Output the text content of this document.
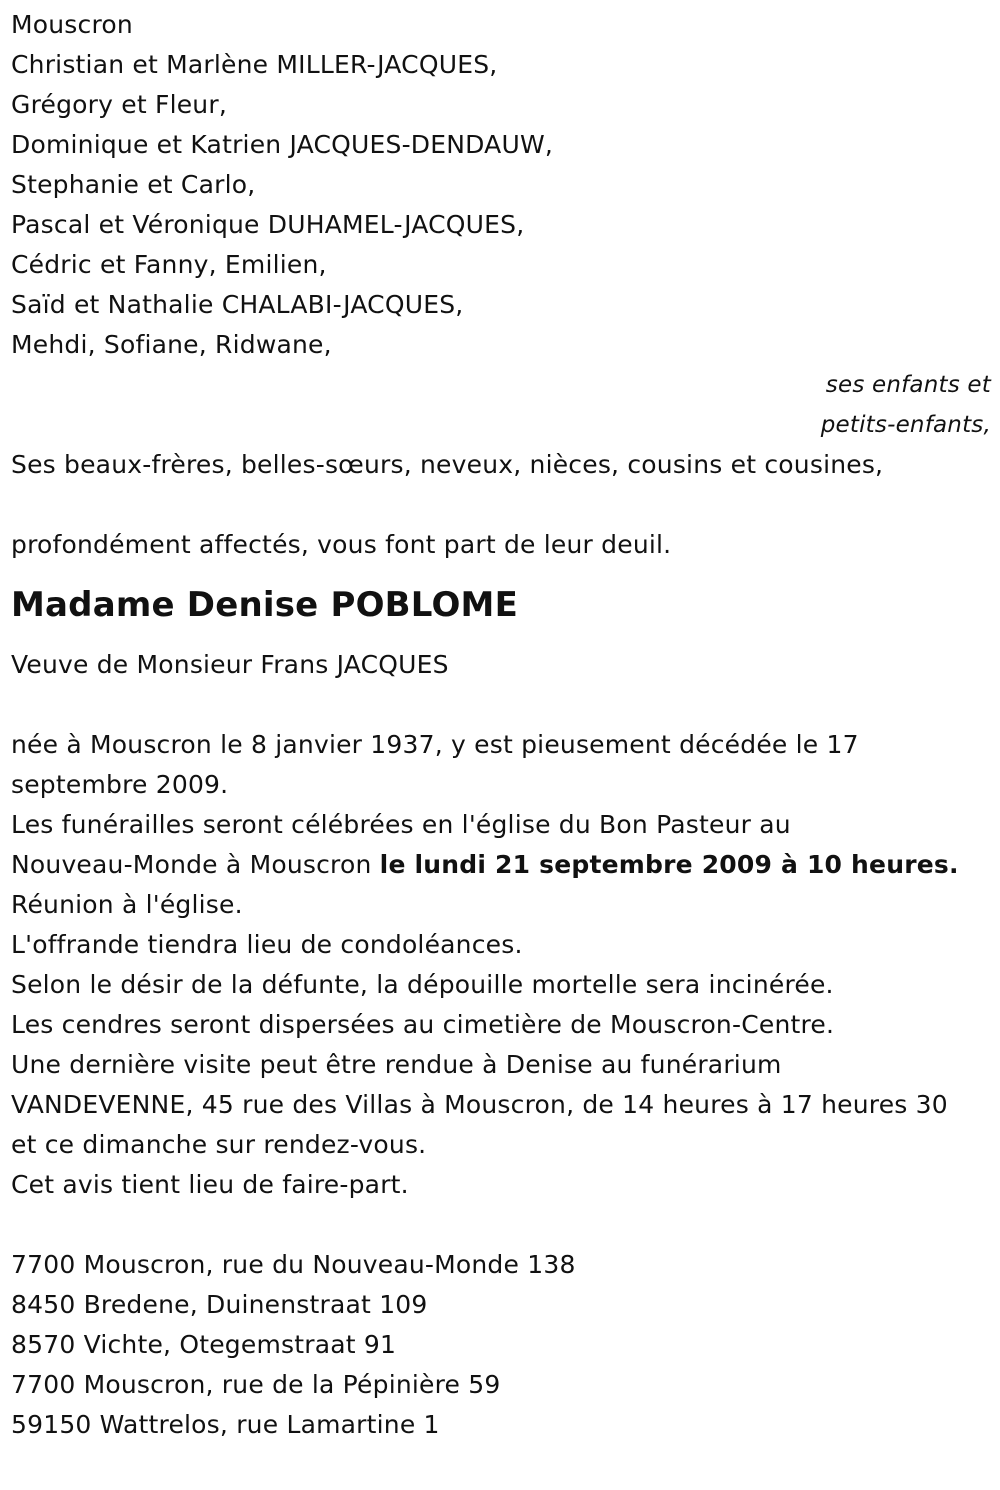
Mouscron
Christian et Marlène MILLER-JACQUES,
Grégory et Fleur,
Dominique et Katrien JACQUES-DENDAUW,
Stephanie et Carlo,
Pascal et Véronique DUHAMEL-JACQUES,
Cédric et Fanny, Emilien,
Saïd et Nathalie CHALABI-JACQUES,
Mehdi, Sofiane, Ridwane,
ses enfants et
petits-enfants,
Ses beaux-frères, belles-sœurs, neveux, nièces, cousins et cousines,
profondément affectés, vous font part de leur deuil.
Madame Denise POBLOME
Veuve de Monsieur Frans JACQUES
née à Mouscron le 8 janvier 1937, y est pieusement décédée le 17
septembre 2009.
Les funérailles seront célébrées en l'église du Bon Pasteur au
Nouveau-Monde à Mouscron le lundi 21 septembre 2009 à 10 heures.
Réunion à l'église.
L'offrande tiendra lieu de condoléances.
Selon le désir de la défunte, la dépouille mortelle sera incinérée.
Les cendres seront dispersées au cimetière de Mouscron-Centre.
Une dernière visite peut être rendue à Denise au funérarium
VANDEVENNE, 45 rue des Villas à Mouscron, de 14 heures à 17 heures 30
et ce dimanche sur rendez-vous.
Cet avis tient lieu de faire-part.
7700 Mouscron, rue du Nouveau-Monde 138
8450 Bredene, Duinenstraat 109
8570 Vichte, Otegemstraat 91
7700 Mouscron, rue de la Pépinière 59
59150 Wattrelos, rue Lamartine 1
